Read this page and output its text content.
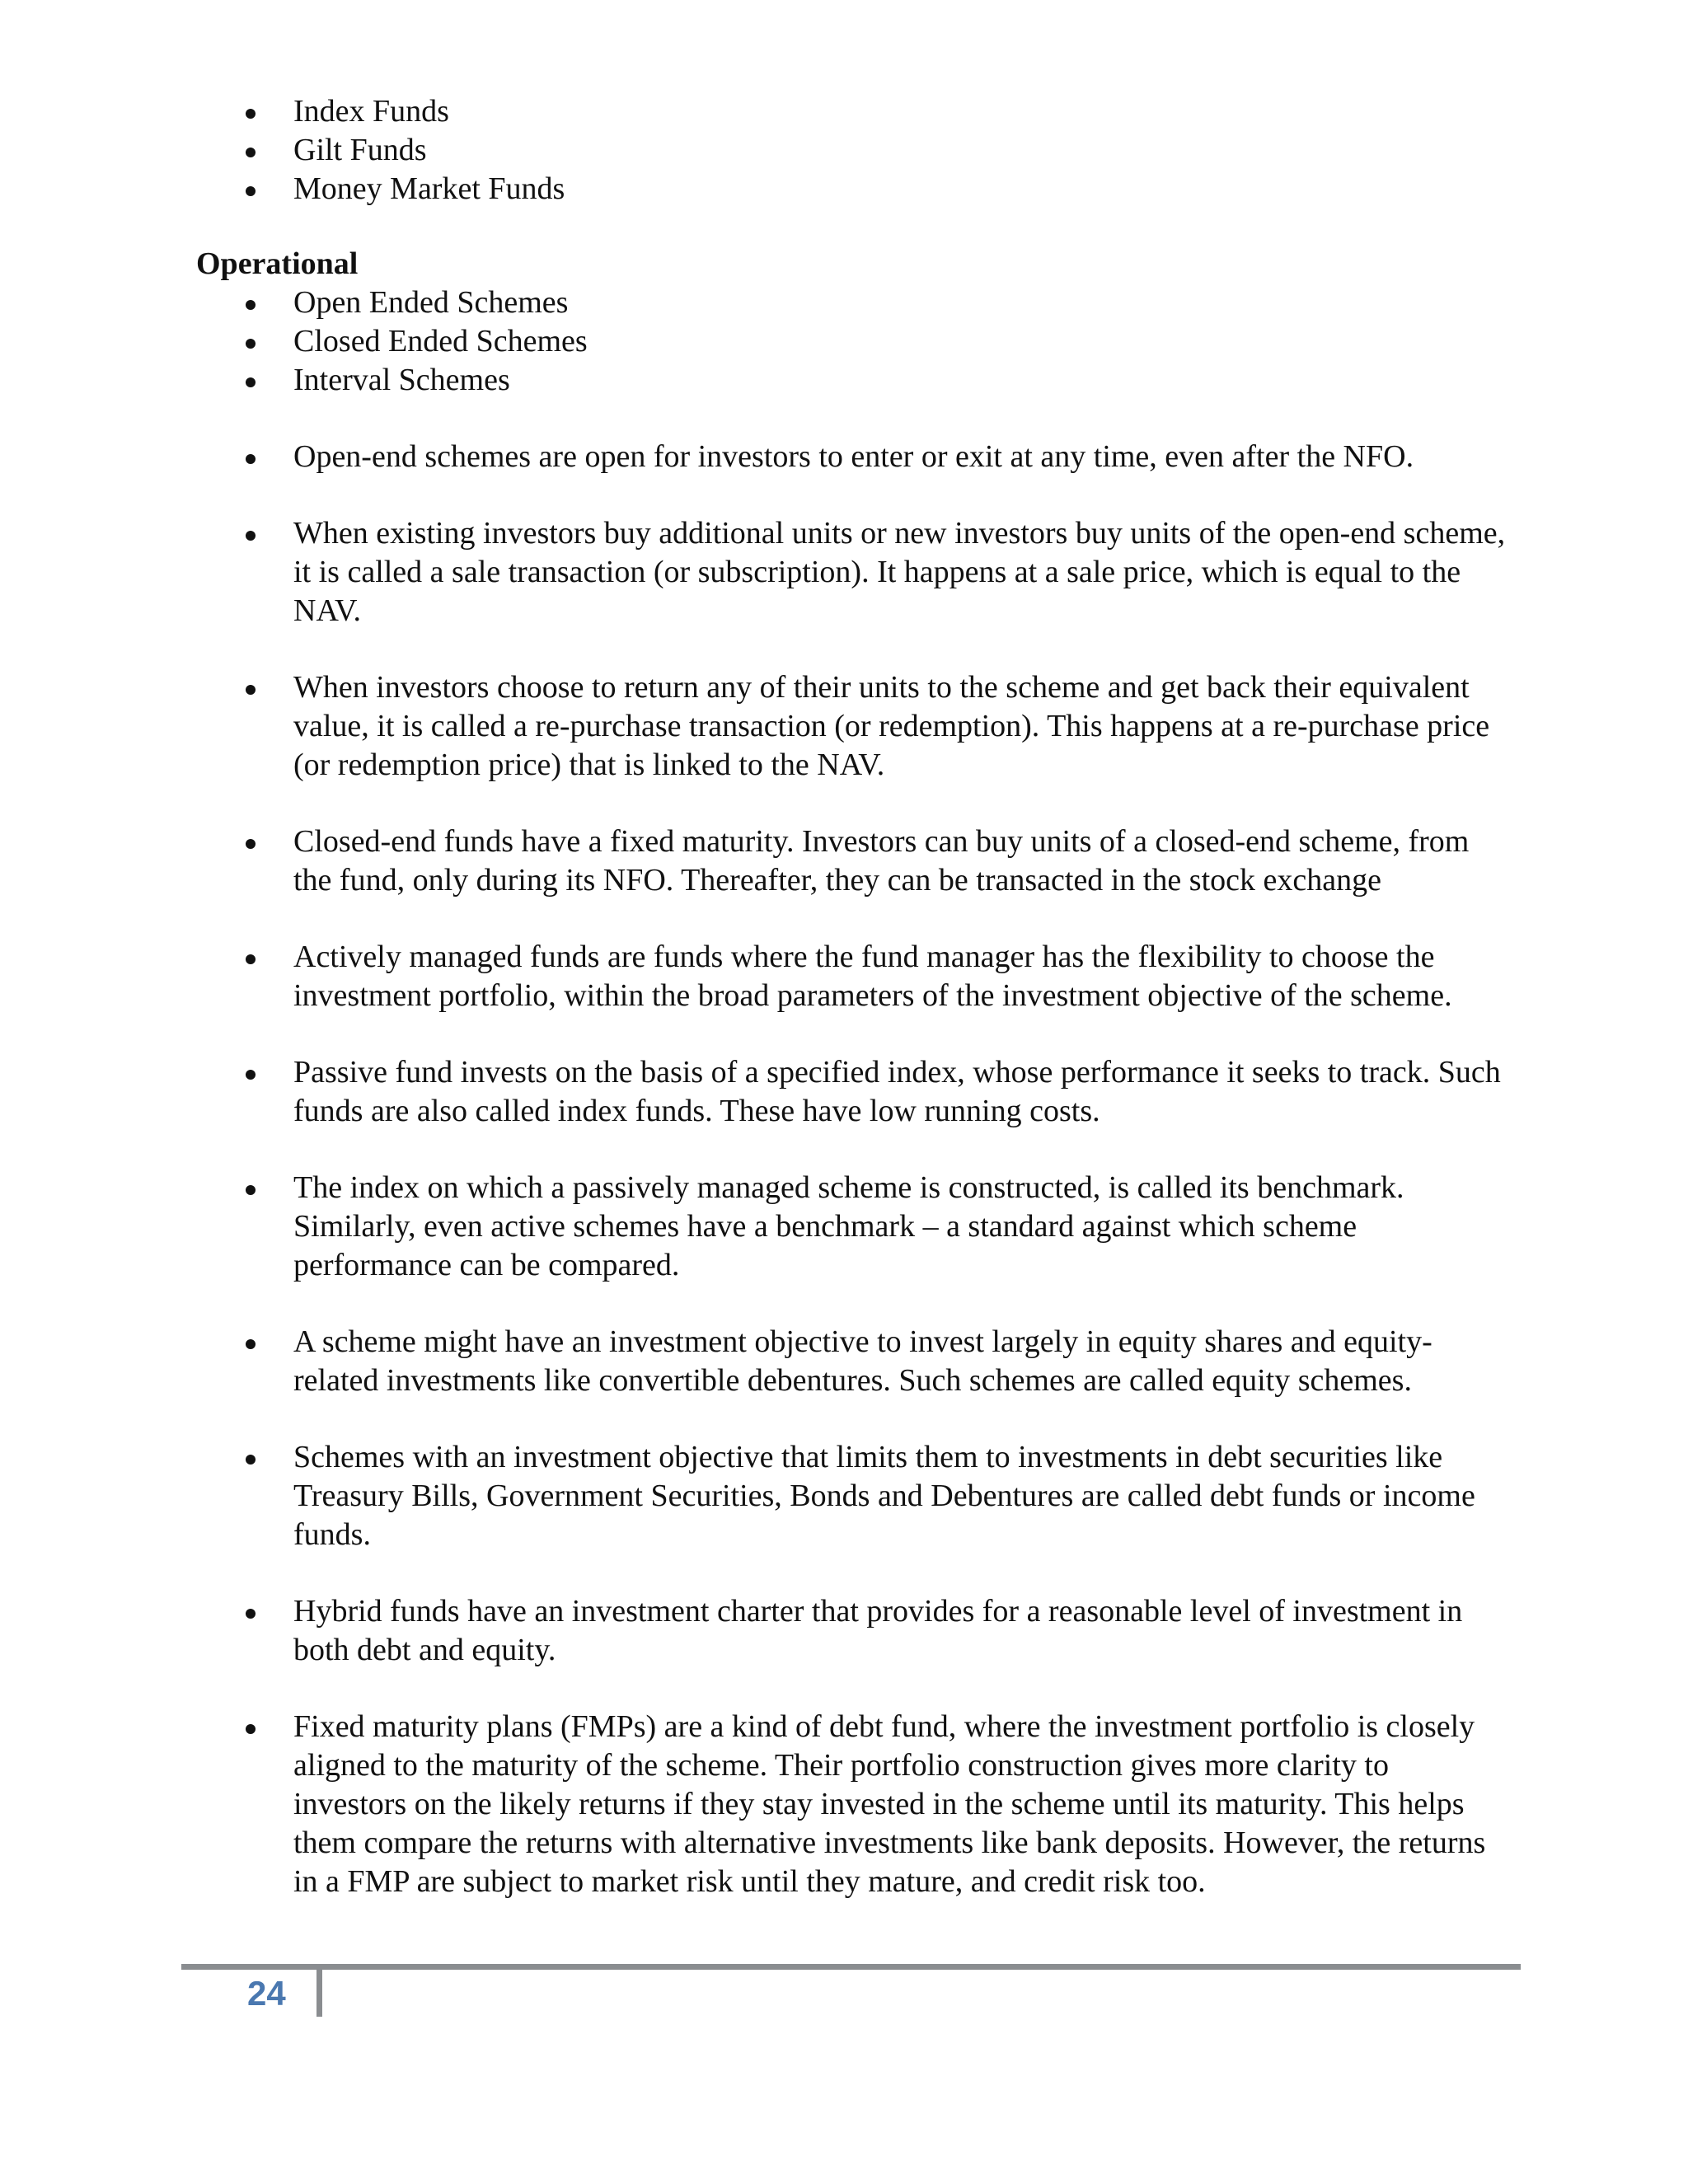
Index Funds
Gilt Funds
Money Market Funds
Operational
Open Ended Schemes
Closed Ended Schemes
Interval Schemes
Open-end schemes are open for investors to enter or exit at any time, even after the NFO.
When existing investors buy additional units or new investors buy units of the open-end scheme, it is called a sale transaction (or subscription). It happens at a sale price, which is equal to the NAV.
When investors choose to return any of their units to the scheme and get back their equivalent value, it is called a re-purchase transaction (or redemption). This happens at a re-purchase price (or redemption price) that is linked to the NAV.
Closed-end funds have a fixed maturity. Investors can buy units of a closed-end scheme, from the fund, only during its NFO. Thereafter, they can be transacted in the stock exchange
Actively managed funds are funds where the fund manager has the flexibility to choose the investment portfolio, within the broad parameters of the investment objective of the scheme.
Passive fund invests on the basis of a specified index, whose performance it seeks to track. Such funds are also called index funds. These have low running costs.
The index on which a passively managed scheme is constructed, is called its benchmark. Similarly, even active schemes have a benchmark – a standard against which scheme performance can be compared.
A scheme might have an investment objective to invest largely in equity shares and equity-related investments like convertible debentures. Such schemes are called equity schemes.
Schemes with an investment objective that limits them to investments in debt securities like Treasury Bills, Government Securities, Bonds and Debentures are called debt funds or income funds.
Hybrid funds have an investment charter that provides for a reasonable level of investment in both debt and equity.
Fixed maturity plans (FMPs) are a kind of debt fund, where the investment portfolio is closely aligned to the maturity of the scheme. Their portfolio construction gives more clarity to investors on the likely returns if they stay invested in the scheme until its maturity. This helps them compare the returns with alternative investments like bank deposits. However, the returns in a FMP are subject to market risk until they mature, and credit risk too.
24
